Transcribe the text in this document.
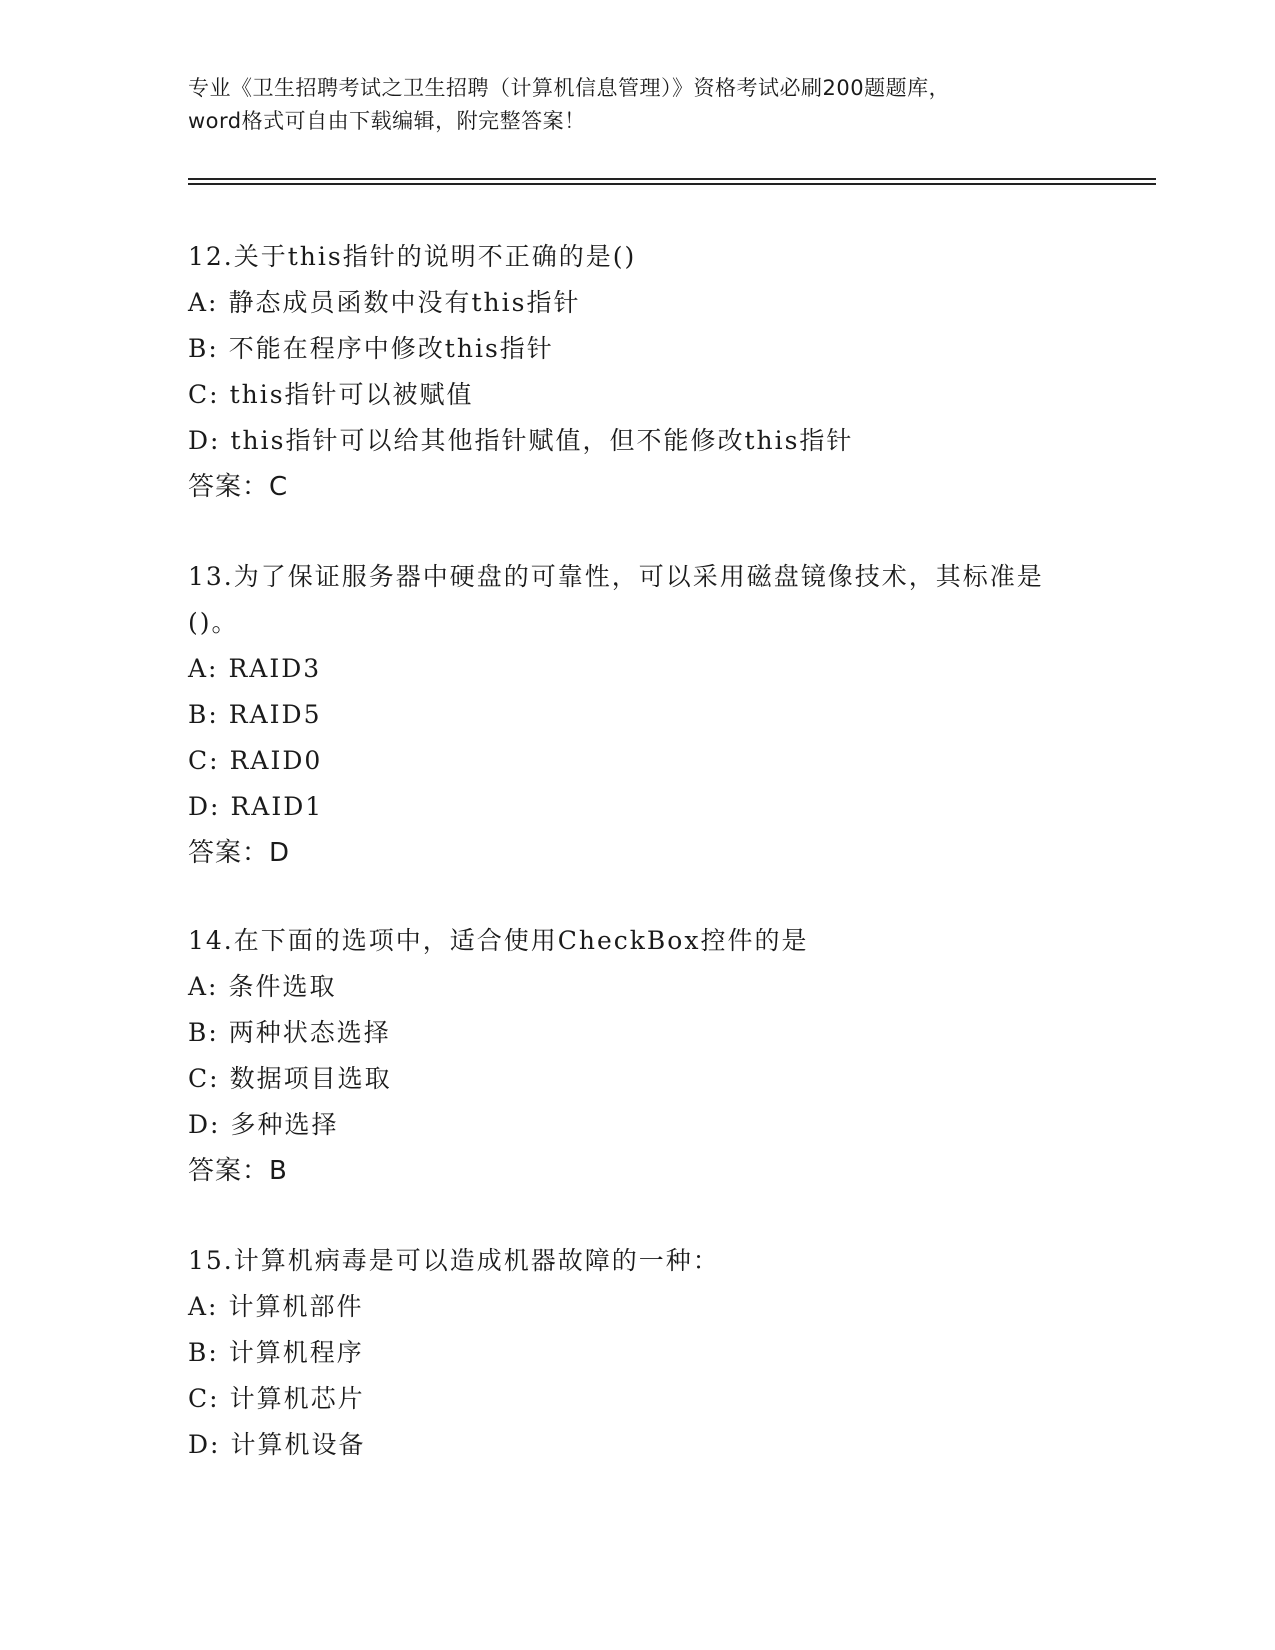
专业《卫生招聘考试之卫生招聘（计算机信息管理）》资格考试必刷200题题库，
word格式可自由下载编辑，附完整答案！

12.关于this指针的说明不正确的是()

A: 静态成员函数中没有this指针

B: 不能在程序中修改this指针

C: this指针可以被赋值

D: this指针可以给其他指针赋值，但不能修改this指针

答案：C

13.为了保证服务器中硬盘的可靠性，可以采用磁盘镜像技术，其标准是()。

A: RAID3

B: RAID5

C: RAID0

D: RAID1

答案：D

14.在下面的选项中，适合使用CheckBox控件的是

A: 条件选取

B: 两种状态选择

C: 数据项目选取

D: 多种选择

答案：B

15.计算机病毒是可以造成机器故障的一种：

A: 计算机部件

B: 计算机程序

C: 计算机芯片

D: 计算机设备
